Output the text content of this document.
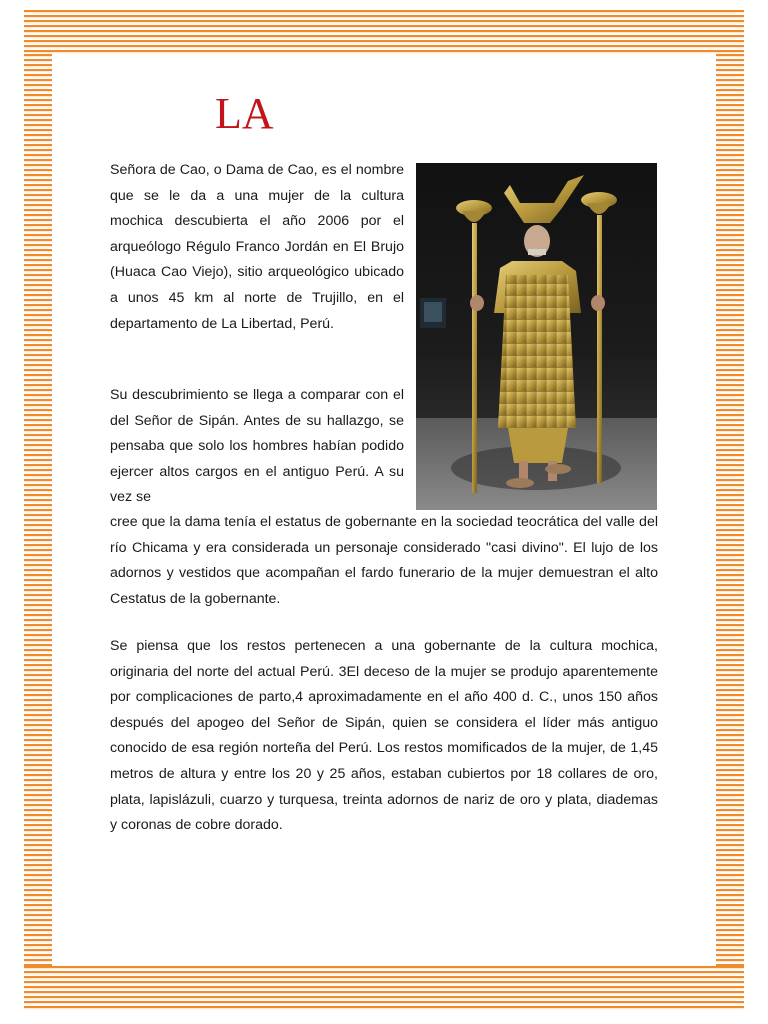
LA

Señora de Cao, o Dama de Cao, es el nombre que se le da a una mujer de la cultura mochica descubierta el año 2006 por el arqueólogo Régulo Franco Jordán en El Brujo (Huaca Cao Viejo), sitio arqueológico ubicado a unos 45 km al norte de Trujillo, en el departamento de La Libertad, Perú.

Su descubrimiento se llega a comparar con el del Señor de Sipán. Antes de su hallazgo, se pensaba que solo los hombres habían podido ejercer altos cargos en el antiguo Perú. A su vez se

cree que la dama tenía el estatus de gobernante en la sociedad teocrática del valle del río Chicama y era considerada un personaje considerado "casi divino". El lujo de los adornos y vestidos que acompañan el fardo funerario de la mujer demuestran el alto Cestatus de la gobernante.

Se piensa que los restos pertenecen a una gobernante de la cultura mochica, originaria del norte del actual Perú. 3El deceso de la mujer se produjo aparentemente por complicaciones de parto,4 aproximadamente en el año 400 d. C., unos 150 años después del apogeo del Señor de Sipán, quien se considera el líder más antiguo conocido de esa región norteña del Perú. Los restos momificados de la mujer, de 1,45 metros de altura y entre los 20 y 25 años, estaban cubiertos por 18 collares de oro, plata, lapislázuli, cuarzo y turquesa, treinta adornos de nariz de oro y plata, diademas y coronas de cobre dorado.
